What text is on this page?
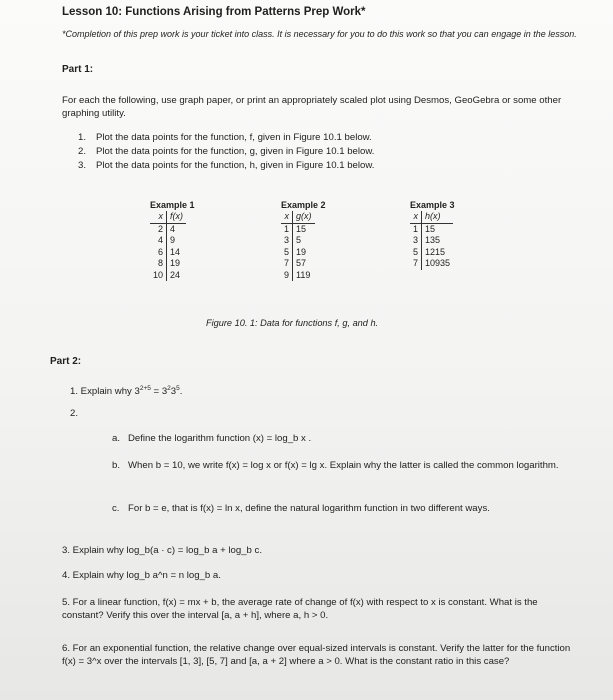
Lesson 10: Functions Arising from Patterns Prep Work*
*Completion of this prep work is your ticket into class. It is necessary for you to do this work so that you can engage in the lesson.
Part 1:
For each the following, use graph paper, or print an appropriately scaled plot using Desmos, GeoGebra or some other graphing utility.
1. Plot the data points for the function, f, given in Figure 10.1 below.
2. Plot the data points for the function, g, given in Figure 10.1 below.
3. Plot the data points for the function, h, given in Figure 10.1 below.
Example 1
x	f(x)
2	4
4	9
6	14
8	19
10	24
Example 2
x	g(x)
1	15
3	5
5	19
7	57
9	119
Example 3
x	h(x)
1	15
3	135
5	1215
7	10935
Figure 10. 1: Data for functions f, g, and h.
Part 2:
1. Explain why $3^{2+5} = 3^23^5$.
2.
a. Define the logarithm function (x) = log_b x .
b. When b = 10, we write f(x) = log x or f(x) = lg x. Explain why the latter is called the common logarithm.
c. For b = e, that is f(x) = ln x, define the natural logarithm function in two different ways.
3. Explain why log_b(a · c) = log_b a + log_b c.
4. Explain why log_b a^n = n log_b a.
5. For a linear function, f(x) = mx + b, the average rate of change of f(x) with respect to x is constant. What is the constant? Verify this over the interval [a, a + h], where a, h > 0.
6. For an exponential function, the relative change over equal-sized intervals is constant. Verify the latter for the function f(x) = 3^x over the intervals [1, 3], [5, 7] and [a, a + 2] where a > 0. What is the constant ratio in this case?
